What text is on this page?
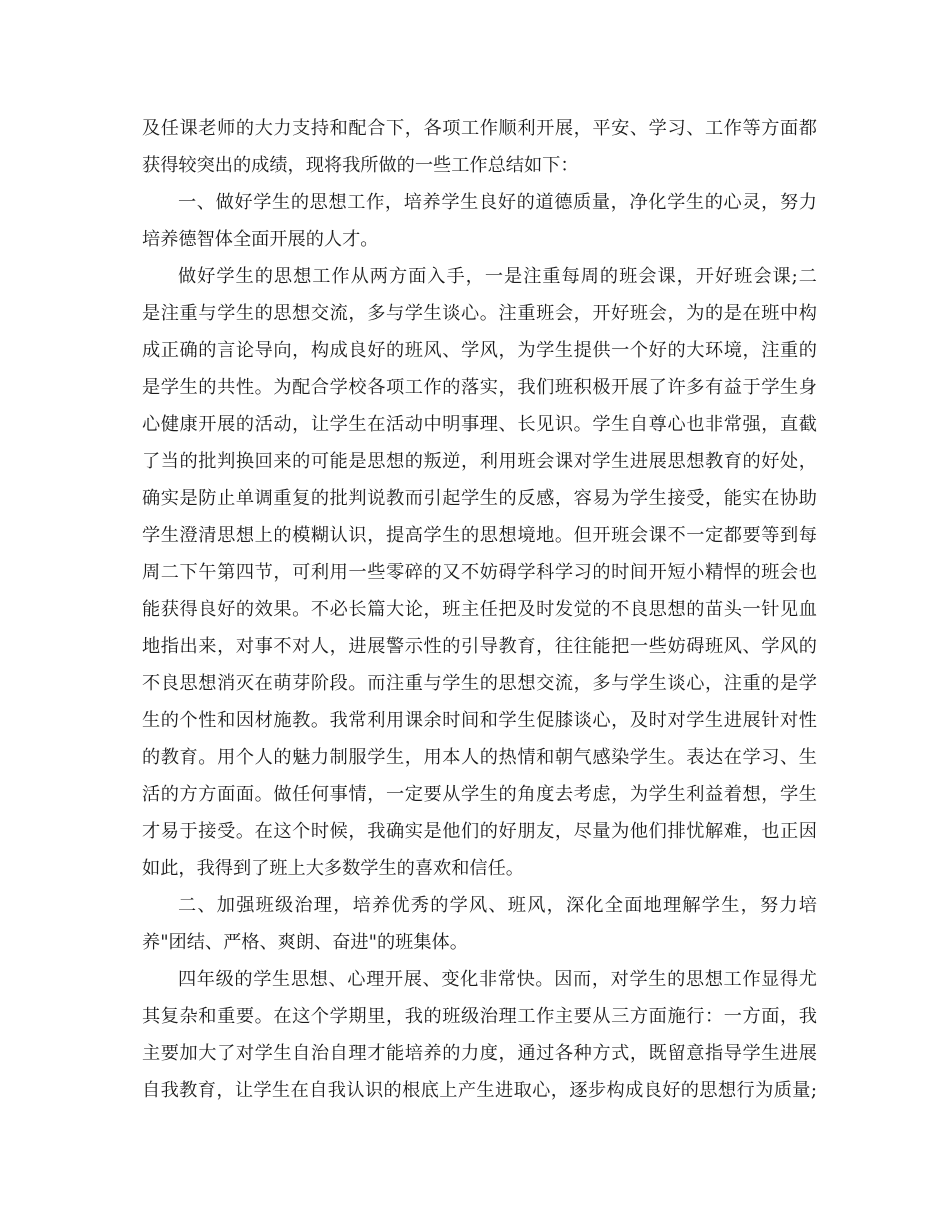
及任课老师的大力支持和配合下，各项工作顺利开展，平安、学习、工作等方面都
获得较突出的成绩，现将我所做的一些工作总结如下：
一、做好学生的思想工作，培养学生良好的道德质量，净化学生的心灵，努力
培养德智体全面开展的人才。
做好学生的思想工作从两方面入手，一是注重每周的班会课，开好班会课;二
是注重与学生的思想交流，多与学生谈心。注重班会，开好班会，为的是在班中构
成正确的言论导向，构成良好的班风、学风，为学生提供一个好的大环境，注重的
是学生的共性。为配合学校各项工作的落实，我们班积极开展了许多有益于学生身
心健康开展的活动，让学生在活动中明事理、长见识。学生自尊心也非常强，直截
了当的批判换回来的可能是思想的叛逆，利用班会课对学生进展思想教育的好处，
确实是防止单调重复的批判说教而引起学生的反感，容易为学生接受，能实在协助
学生澄清思想上的模糊认识，提高学生的思想境地。但开班会课不一定都要等到每
周二下午第四节，可利用一些零碎的又不妨碍学科学习的时间开短小精悍的班会也
能获得良好的效果。不必长篇大论，班主任把及时发觉的不良思想的苗头一针见血
地指出来，对事不对人，进展警示性的引导教育，往往能把一些妨碍班风、学风的
不良思想消灭在萌芽阶段。而注重与学生的思想交流，多与学生谈心，注重的是学
生的个性和因材施教。我常利用课余时间和学生促膝谈心，及时对学生进展针对性
的教育。用个人的魅力制服学生，用本人的热情和朝气感染学生。表达在学习、生
活的方方面面。做任何事情，一定要从学生的角度去考虑，为学生利益着想，学生
才易于接受。在这个时候，我确实是他们的好朋友，尽量为他们排忧解难，也正因
如此，我得到了班上大多数学生的喜欢和信任。
二、加强班级治理，培养优秀的学风、班风，深化全面地理解学生，努力培
养"团结、严格、爽朗、奋进"的班集体。
四年级的学生思想、心理开展、变化非常快。因而，对学生的思想工作显得尤
其复杂和重要。在这个学期里，我的班级治理工作主要从三方面施行：一方面，我
主要加大了对学生自治自理才能培养的力度，通过各种方式，既留意指导学生进展
自我教育，让学生在自我认识的根底上产生进取心，逐步构成良好的思想行为质量;
